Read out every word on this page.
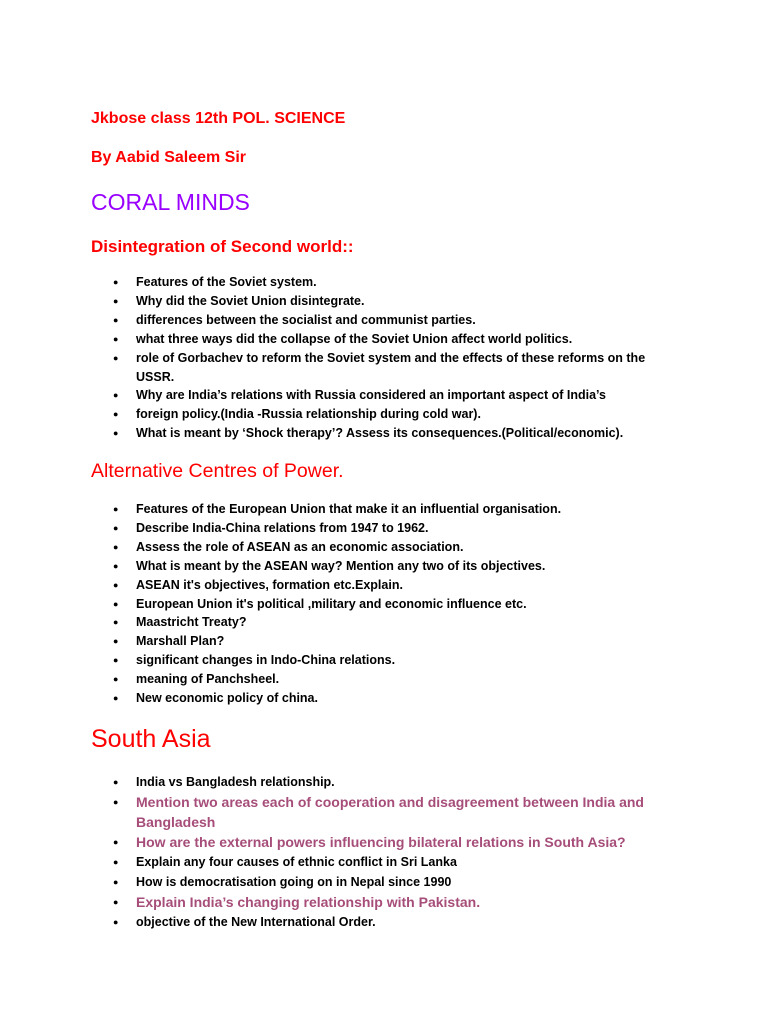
Jkbose class 12th POL. SCIENCE
By Aabid Saleem Sir
CORAL MINDS
Disintegration of Second world::
● Features of the Soviet system.
● Why did the Soviet Union disintegrate.
● differences between the socialist and communist parties.
● what three ways did the collapse of the Soviet Union affect world politics.
● role of Gorbachev to reform the Soviet system and the effects of these reforms on the USSR.
● Why are India’s relations with Russia considered an important aspect of India’s
● foreign policy.(India -Russia relationship during cold war).
● What is meant by ‘Shock therapy’? Assess its consequences.(Political/economic).
Alternative Centres of Power.
● Features of the European Union that make it an influential organisation.
● Describe India-China relations from 1947 to 1962.
● Assess the role of ASEAN as an economic association.
● What is meant by the ASEAN way? Mention any two of its objectives.
● ASEAN it's objectives, formation etc.Explain.
● European Union it's political ,military and economic influence etc.
● Maastricht Treaty?
● Marshall Plan?
● significant changes in Indo-China relations.
● meaning of Panchsheel.
● New economic policy of china.
South Asia
● India vs Bangladesh relationship.
● Mention two areas each of cooperation and disagreement between India and Bangladesh
● How are the external powers influencing bilateral relations in South Asia?
● Explain any four causes of ethnic conflict in Sri Lanka
● How is democratisation going on in Nepal since 1990
● Explain India’s changing relationship with Pakistan.
● objective of the New International Order.
